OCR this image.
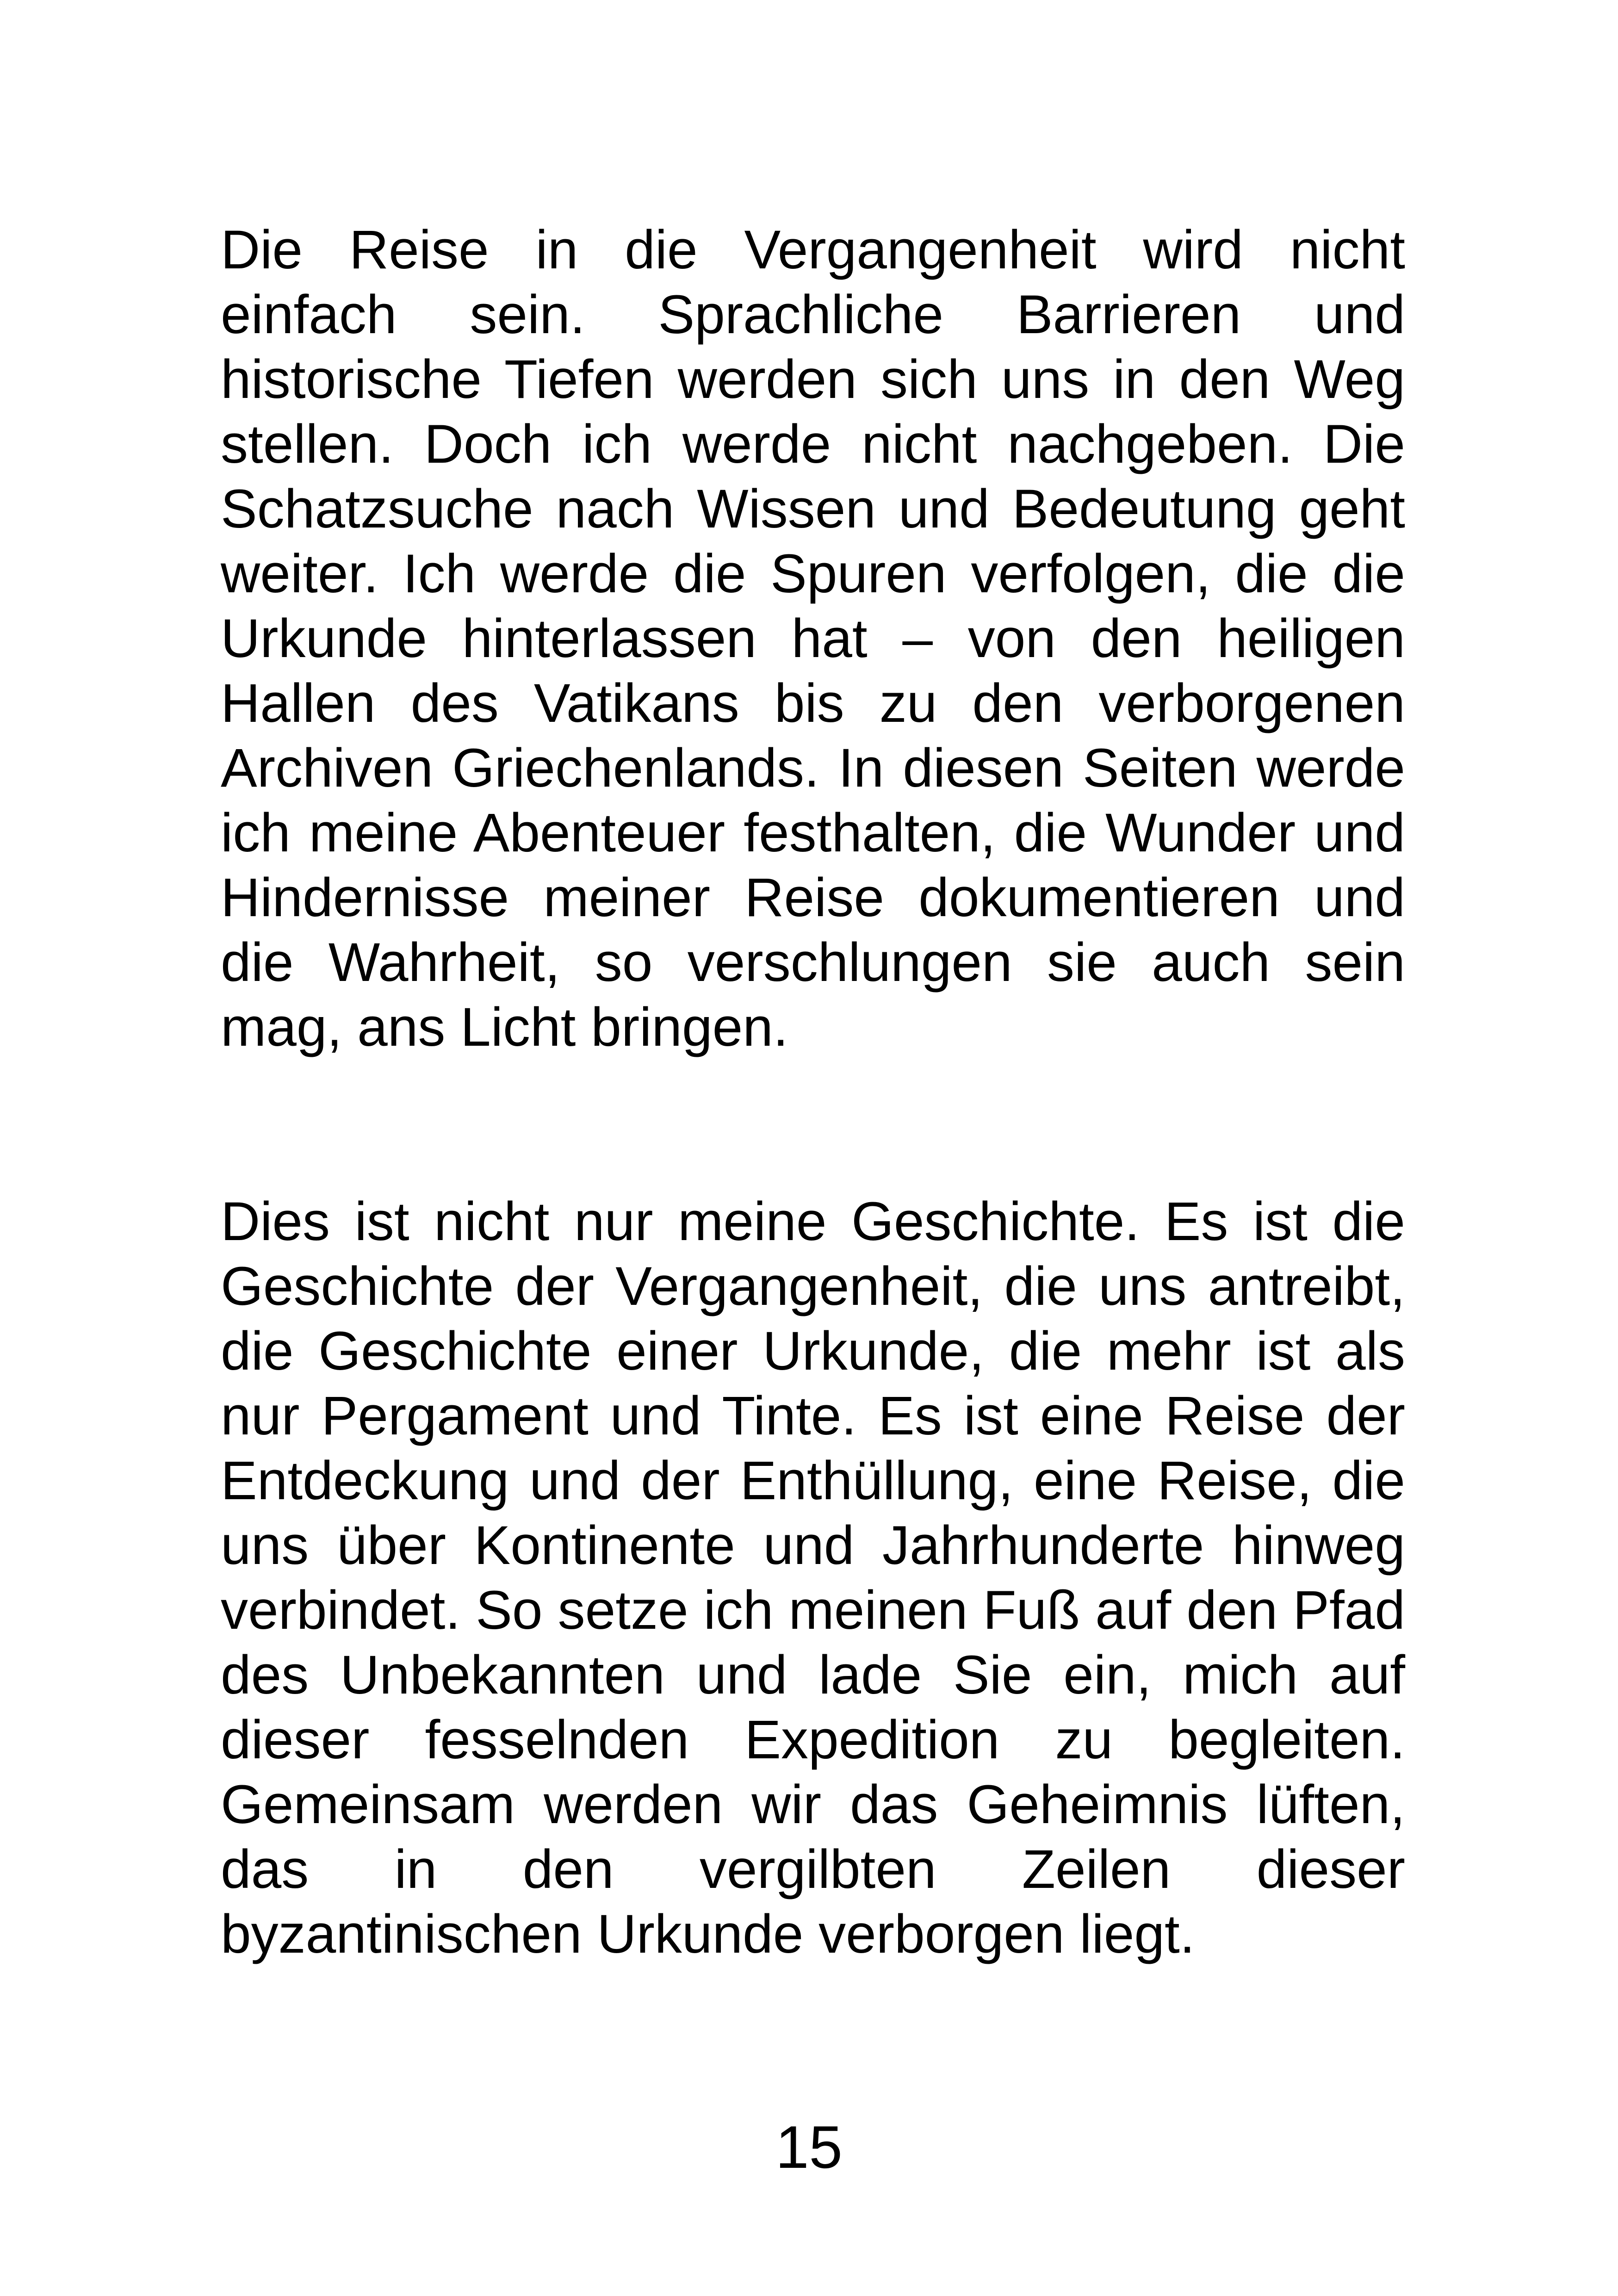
Die Reise in die Vergangenheit wird nicht einfach sein. Sprachliche Barrieren und historische Tiefen werden sich uns in den Weg stellen. Doch ich werde nicht nachgeben. Die Schatzsuche nach Wissen und Bedeutung geht weiter. Ich werde die Spuren verfolgen, die die Urkunde hinterlassen hat – von den heiligen Hallen des Vatikans bis zu den verborgenen Archiven Griechenlands. In diesen Seiten werde ich meine Abenteuer festhalten, die Wunder und Hindernisse meiner Reise dokumentieren und die Wahrheit, so verschlungen sie auch sein mag, ans Licht bringen.

Dies ist nicht nur meine Geschichte. Es ist die Geschichte der Vergangenheit, die uns antreibt, die Geschichte einer Urkunde, die mehr ist als nur Pergament und Tinte. Es ist eine Reise der Entdeckung und der Enthüllung, eine Reise, die uns über Kontinente und Jahrhunderte hinweg verbindet. So setze ich meinen Fuß auf den Pfad des Unbekannten und lade Sie ein, mich auf dieser fesselnden Expedition zu begleiten. Gemeinsam werden wir das Geheimnis lüften, das in den vergilbten Zeilen dieser byzantinischen Urkunde verborgen liegt.

15
